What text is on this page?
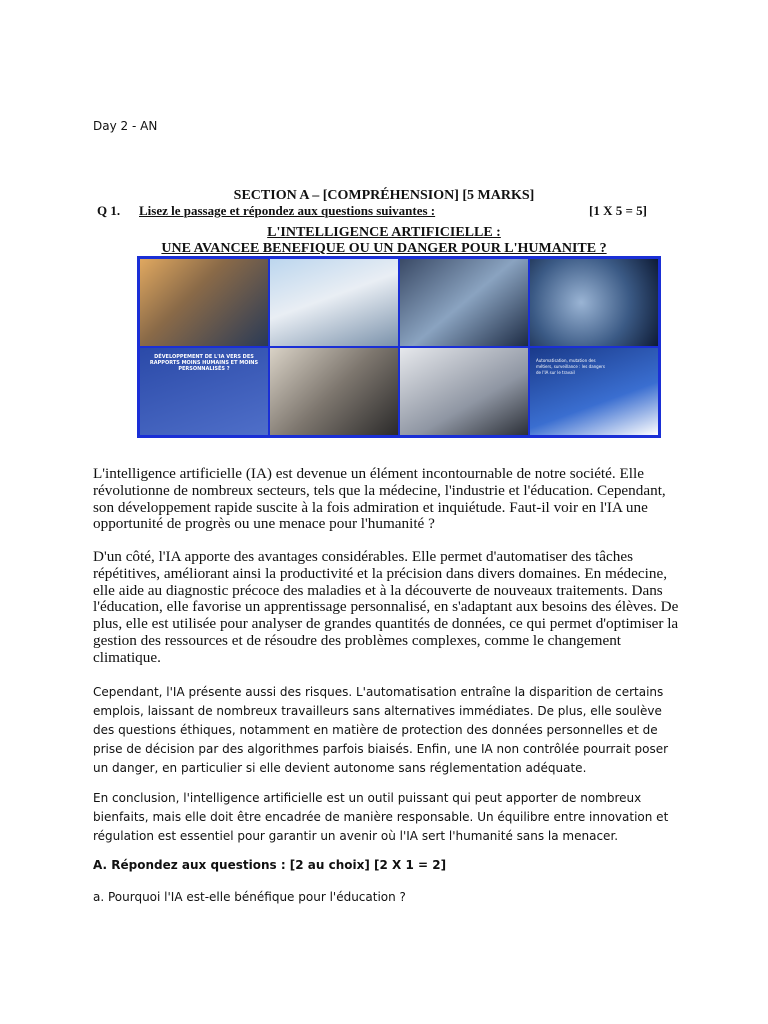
Day 2 - AN
SECTION A – [COMPRÉHENSION] [5 MARKS]
Q 1.	Lisez le passage et répondez aux questions suivantes :	[1 X 5 = 5]
L'INTELLIGENCE ARTIFICIELLE :
UNE AVANCEE BENEFIQUE OU UN DANGER POUR L'HUMANITE ?
DÉVELOPPEMENT DE L'IA VERS DES RAPPORTS MOINS HUMAINS ET MOINS PERSONNALISÉS ?
Automatisation, mutation des métiers, surveillance : les dangers de l'IA sur le travail
L'intelligence artificielle (IA) est devenue un élément incontournable de notre société. Elle révolutionne de nombreux secteurs, tels que la médecine, l'industrie et l'éducation. Cependant, son développement rapide suscite à la fois admiration et inquiétude. Faut-il voir en l'IA une opportunité de progrès ou une menace pour l'humanité ?
D'un côté, l'IA apporte des avantages considérables. Elle permet d'automatiser des tâches répétitives, améliorant ainsi la productivité et la précision dans divers domaines. En médecine, elle aide au diagnostic précoce des maladies et à la découverte de nouveaux traitements. Dans l'éducation, elle favorise un apprentissage personnalisé, en s'adaptant aux besoins des élèves. De plus, elle est utilisée pour analyser de grandes quantités de données, ce qui permet d'optimiser la gestion des ressources et de résoudre des problèmes complexes, comme le changement climatique.
Cependant, l'IA présente aussi des risques. L'automatisation entraîne la disparition de certains emplois, laissant de nombreux travailleurs sans alternatives immédiates. De plus, elle soulève des questions éthiques, notamment en matière de protection des données personnelles et de prise de décision par des algorithmes parfois biaisés. Enfin, une IA non contrôlée pourrait poser un danger, en particulier si elle devient autonome sans réglementation adéquate.
En conclusion, l'intelligence artificielle est un outil puissant qui peut apporter de nombreux bienfaits, mais elle doit être encadrée de manière responsable. Un équilibre entre innovation et régulation est essentiel pour garantir un avenir où l'IA sert l'humanité sans la menacer.
A. Répondez aux questions : [2 au choix] [2 X 1 = 2]
a. Pourquoi l'IA est-elle bénéfique pour l'éducation ?
